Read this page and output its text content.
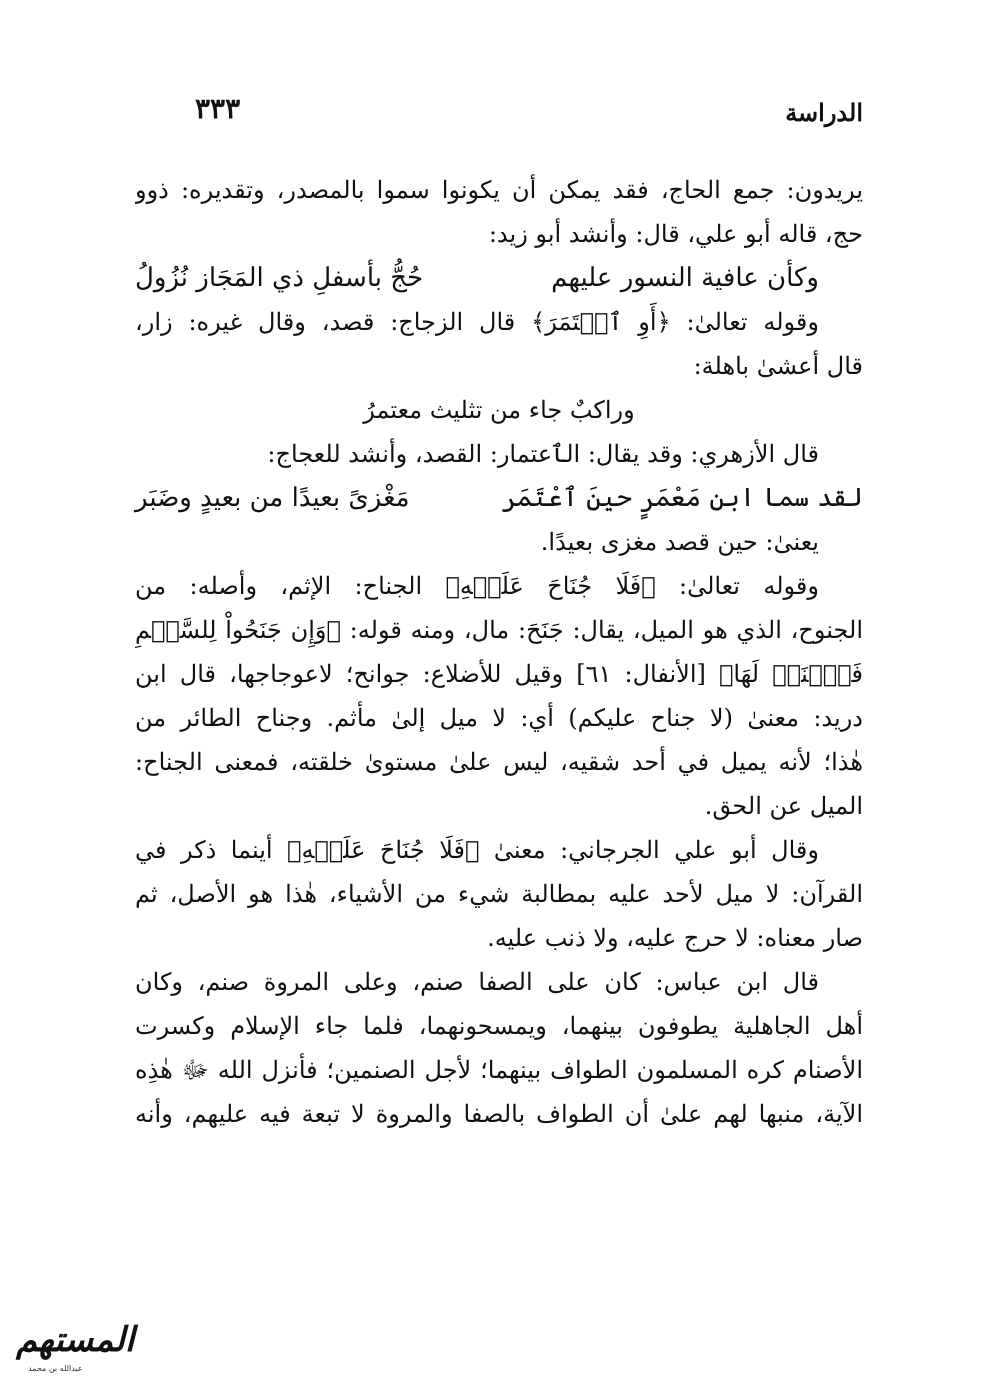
الدراسة
٣٣٣
يريدون: جمع الحاج، فقد يمكن أن يكونوا سموا بالمصدر، وتقديره: ذوو
حج، قاله أبو علي، قال: وأنشد أبو زيد:
وكأن عافية النسور عليهم
حُجُّ بأسفلِ ذي المَجَاز نُزُولُ
وقوله تعالىٰ: ﴿أَوِ ٱعۡتَمَرَ﴾ قال الزجاج: قصد، وقال غيره: زار،
قال أعشىٰ باهلة:
وراكبٌ جاء من تثليث معتمرُ
قال الأزهري: وقد يقال: الٱعتمار: القصد، وأنشد للعجاج:
لقد سما ابن مَعْمَرٍ حينَ ٱعْتَمَر
مَغْزىً بعيدًا من بعيدٍ وضَبَر
يعنىٰ: حين قصد مغزى بعيدًا.
وقوله تعالىٰ: ﴿فَلَا جُنَاحَ عَلَيۡهِ﴾ الجناح: الإثم، وأصله: من
الجنوح، الذي هو الميل، يقال: جَنَحَ: مال، ومنه قوله: ﴿وَإِن جَنَحُواْ لِلسَّلۡمِ
فَٱجۡنَحۡ لَهَا﴾ [الأنفال: ٦١] وقيل للأضلاع: جوانح؛ لاعوجاجها، قال ابن
دريد: معنىٰ (لا جناح عليكم) أي: لا ميل إلىٰ مأثم. وجناح الطائر من
هٰذا؛ لأنه يميل في أحد شقيه، ليس علىٰ مستوىٰ خلقته، فمعنى الجناح:
الميل عن الحق.
وقال أبو علي الجرجاني: معنىٰ ﴿فَلَا جُنَاحَ عَلَيۡهِ﴾ أينما ذكر في
القرآن: لا ميل لأحد عليه بمطالبة شيء من الأشياء، هٰذا هو الأصل، ثم
صار معناه: لا حرج عليه، ولا ذنب عليه.
قال ابن عباس: كان على الصفا صنم، وعلى المروة صنم، وكان
أهل الجاهلية يطوفون بينهما، ويمسحونهما، فلما جاء الإسلام وكسرت
الأصنام كره المسلمون الطواف بينهما؛ لأجل الصنمين؛ فأنزل الله ﷻ هٰذِه
الآية، منبها لهم علىٰ أن الطواف بالصفا والمروة لا تبعة فيه عليهم، وأنه
المستهم
عبدالله بن محمد
